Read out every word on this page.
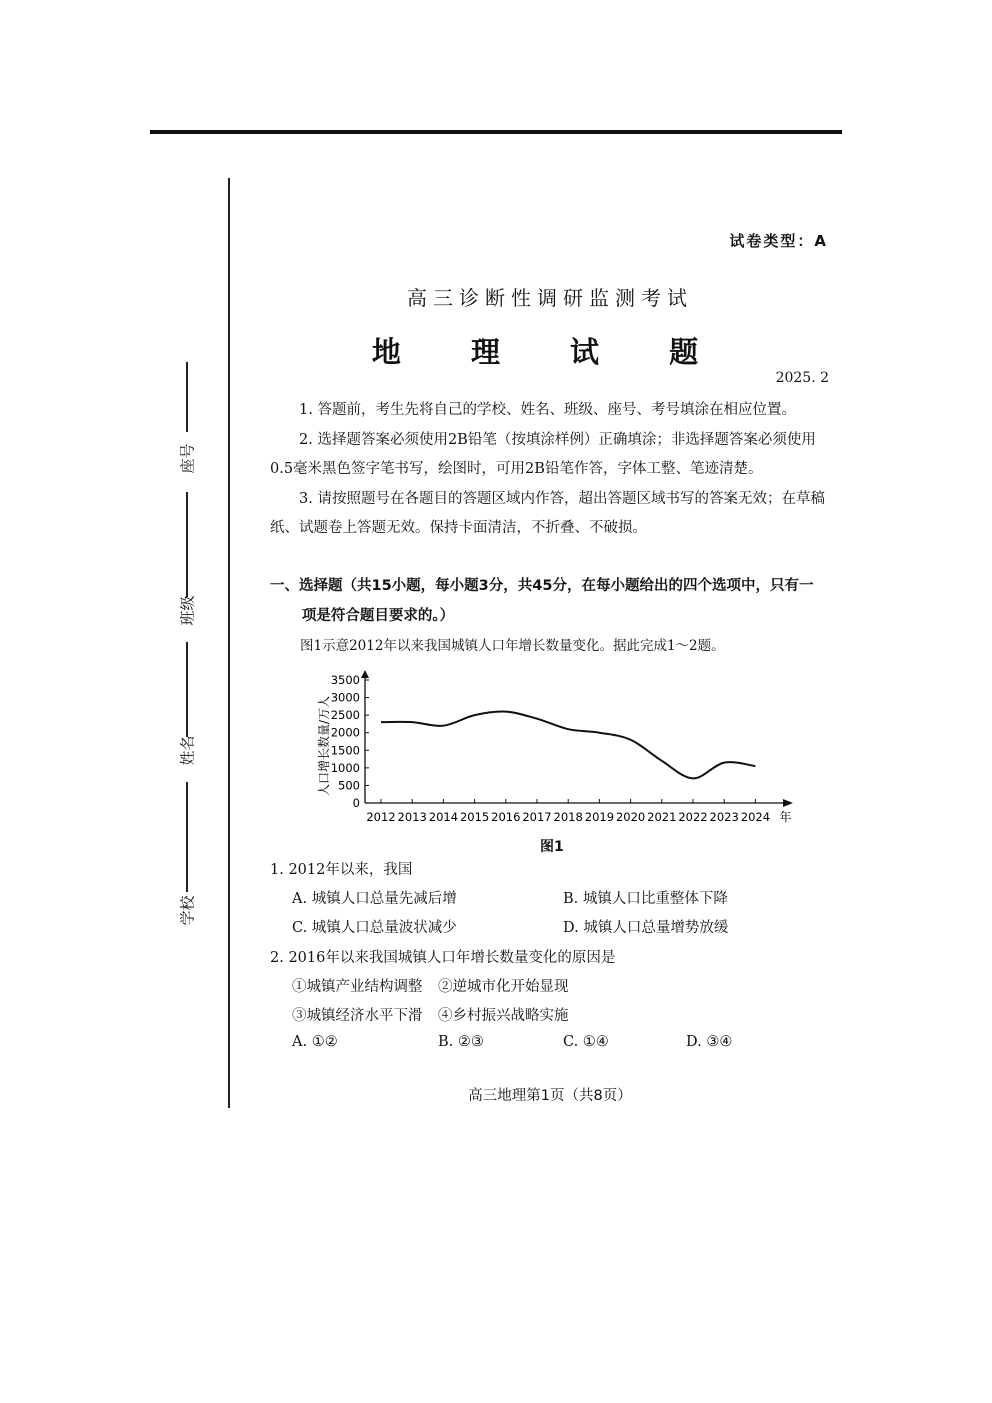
座号
班级
姓名
学校
试卷类型：A
高三诊断性调研监测考试
地 理 试 题
2025. 2

1. 答题前，考生先将自己的学校、姓名、班级、座号、考号填涂在相应位置。

2. 选择题答案必须使用2B铅笔（按填涂样例）正确填涂；非选择题答案必须使用0.5毫米黑色签字笔书写，绘图时，可用2B铅笔作答，字体工整、笔迹清楚。

3. 请按照题号在各题目的答题区域内作答，超出答题区域书写的答案无效；在草稿纸、试题卷上答题无效。保持卡面清洁，不折叠、不破损。

一、选择题（共15小题，每小题3分，共45分，在每小题给出的四个选项中，只有一

项是符合题目要求的。）

图1示意2012年以来我国城镇人口年增长数量变化。据此完成1～2题。
人口增长数量/万人
0
500
1000
1500
2000
2500
3000
3500
2012 2013 2014 2015 2016 2017 2018 2019 2020 2021 2022 2023 2024 年
图1
1. 2012年以来，我国
A. 城镇人口总量先减后增	B. 城镇人口比重整体下降
C. 城镇人口总量波状减少	D. 城镇人口总量增势放缓
2. 2016年以来我国城镇人口年增长数量变化的原因是
①城镇产业结构调整 ②逆城市化开始显现
③城镇经济水平下滑 ④乡村振兴战略实施
A. ①②	B. ②③	C. ①④	D. ③④
高三地理第1页（共8页）
